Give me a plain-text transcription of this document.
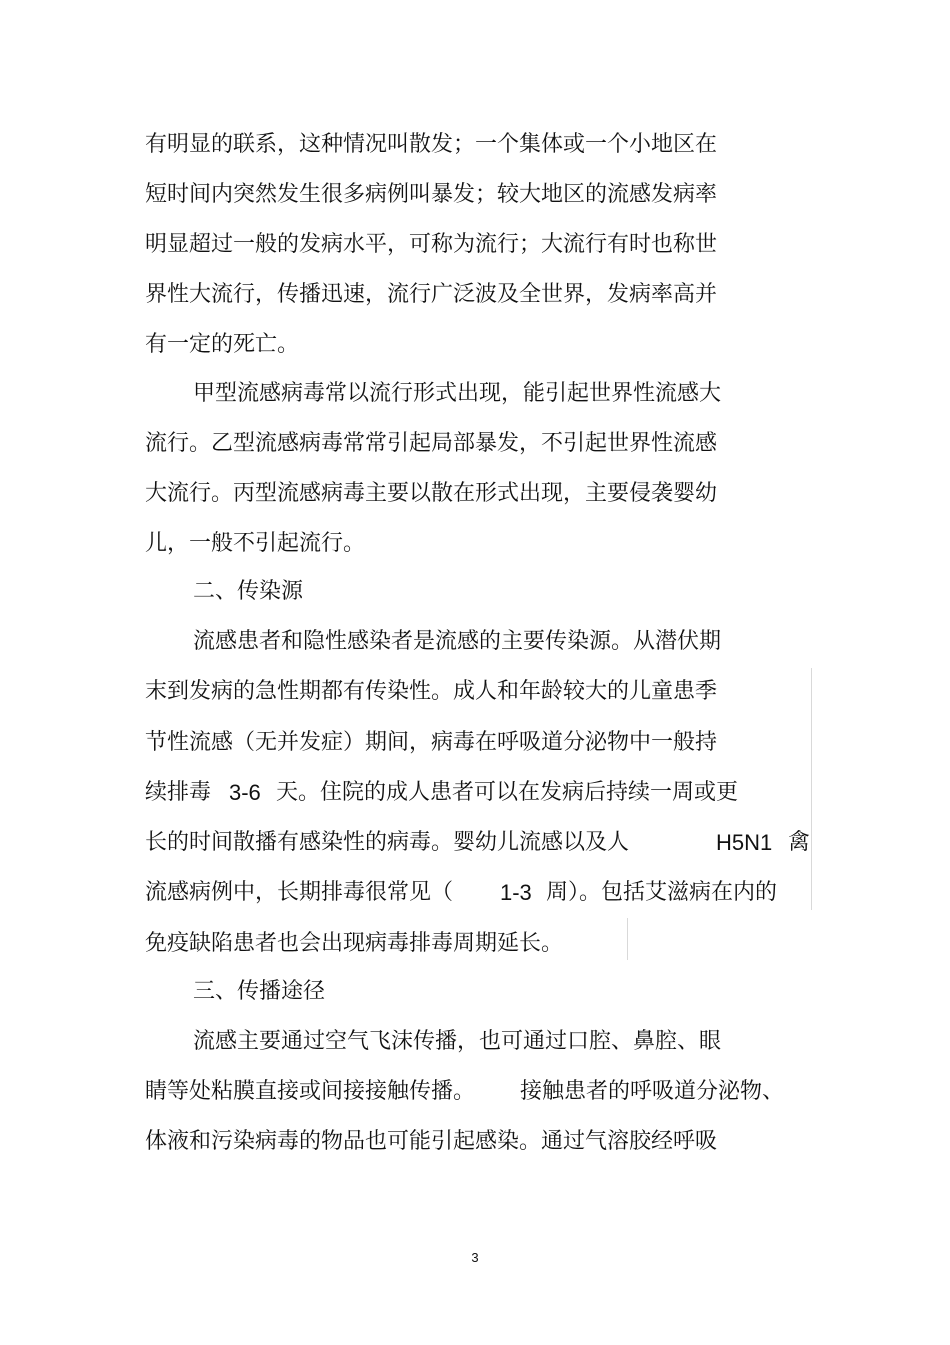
有明显的联系，这种情况叫散发；一个集体或一个小地区在
短时间内突然发生很多病例叫暴发；较大地区的流感发病率
明显超过一般的发病水平，可称为流行；大流行有时也称世
界性大流行，传播迅速，流行广泛波及全世界，发病率高并
有一定的死亡。
甲型流感病毒常以流行形式出现，能引起世界性流感大
流行。乙型流感病毒常常引起局部暴发，不引起世界性流感
大流行。丙型流感病毒主要以散在形式出现，主要侵袭婴幼
儿，一般不引起流行。
二、传染源
流感患者和隐性感染者是流感的主要传染源。从潜伏期
末到发病的急性期都有传染性。成人和年龄较大的儿童患季
节性流感（无并发症）期间，病毒在呼吸道分泌物中一般持
续排毒 3-6 天。住院的成人患者可以在发病后持续一周或更
长的时间散播有感染性的病毒。婴幼儿流感以及人	H5N1 禽
流感病例中，长期排毒很常见（ 1-3 周）。包括艾滋病在内的
免疫缺陷患者也会出现病毒排毒周期延长。
三、传播途径
流感主要通过空气飞沫传播，也可通过口腔、鼻腔、眼
睛等处粘膜直接或间接接触传播。 接触患者的呼吸道分泌物、
体液和污染病毒的物品也可能引起感染。通过气溶胶经呼吸
3
